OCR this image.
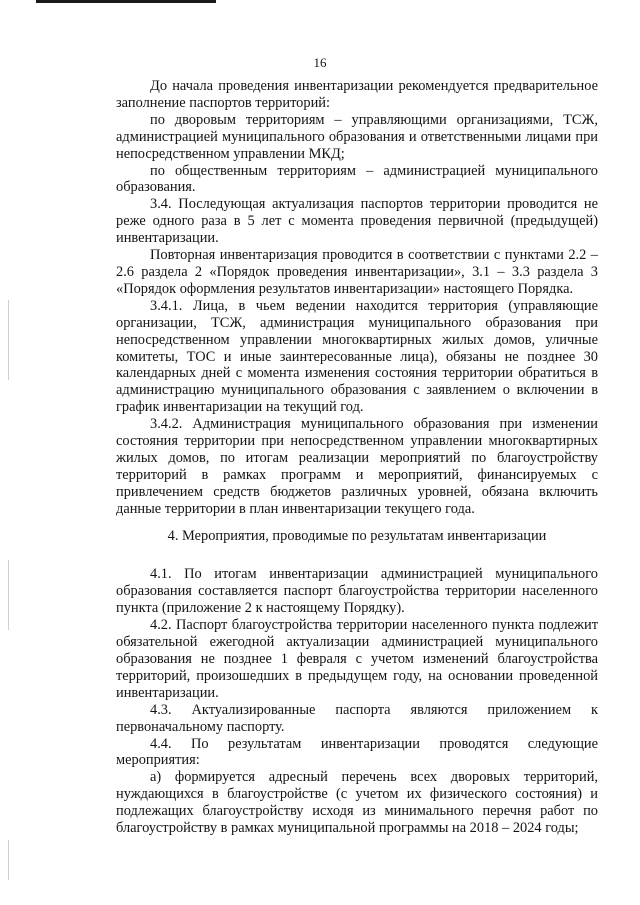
16

До начала проведения инвентаризации рекомендуется предварительное заполнение паспортов территорий:

по дворовым территориям – управляющими организациями, ТСЖ, администрацией муниципального образования и ответственными лицами при непосредственном управлении МКД;

по общественным территориям – администрацией муниципального образования.

3.4. Последующая актуализация паспортов территории проводится не реже одного раза в 5 лет с момента проведения первичной (предыдущей) инвентаризации.

Повторная инвентаризация проводится в соответствии с пунктами 2.2 – 2.6 раздела 2 «Порядок проведения инвентаризации», 3.1 – 3.3 раздела 3 «Порядок оформления результатов инвентаризации» настоящего Порядка.

3.4.1. Лица, в чьем ведении находится территория (управляющие организации, ТСЖ, администрация муниципального образования при непосредственном управлении многоквартирных жилых домов, уличные комитеты, ТОС и иные заинтересованные лица), обязаны не позднее 30 календарных дней с момента изменения состояния территории обратиться в администрацию муниципального образования с заявлением о включении в график инвентаризации на текущий год.

3.4.2. Администрация муниципального образования при изменении состояния территории при непосредственном управлении многоквартирных жилых домов, по итогам реализации мероприятий по благоустройству территорий в рамках программ и мероприятий, финансируемых с привлечением средств бюджетов различных уровней, обязана включить данные территории в план инвентаризации текущего года.

4. Мероприятия, проводимые по результатам инвентаризации

4.1. По итогам инвентаризации администрацией муниципального образования составляется паспорт благоустройства территории населенного пункта (приложение 2 к настоящему Порядку).

4.2. Паспорт благоустройства территории населенного пункта подлежит обязательной ежегодной актуализации администрацией муниципального образования не позднее 1 февраля с учетом изменений благоустройства территорий, произошедших в предыдущем году, на основании проведенной инвентаризации.

4.3. Актуализированные паспорта являются приложением к первоначальному паспорту.

4.4. По результатам инвентаризации проводятся следующие мероприятия:

а) формируется адресный перечень всех дворовых территорий, нуждающихся в благоустройстве (с учетом их физического состояния) и подлежащих благоустройству исходя из минимального перечня работ по благоустройству в рамках муниципальной программы на 2018 – 2024 годы;
